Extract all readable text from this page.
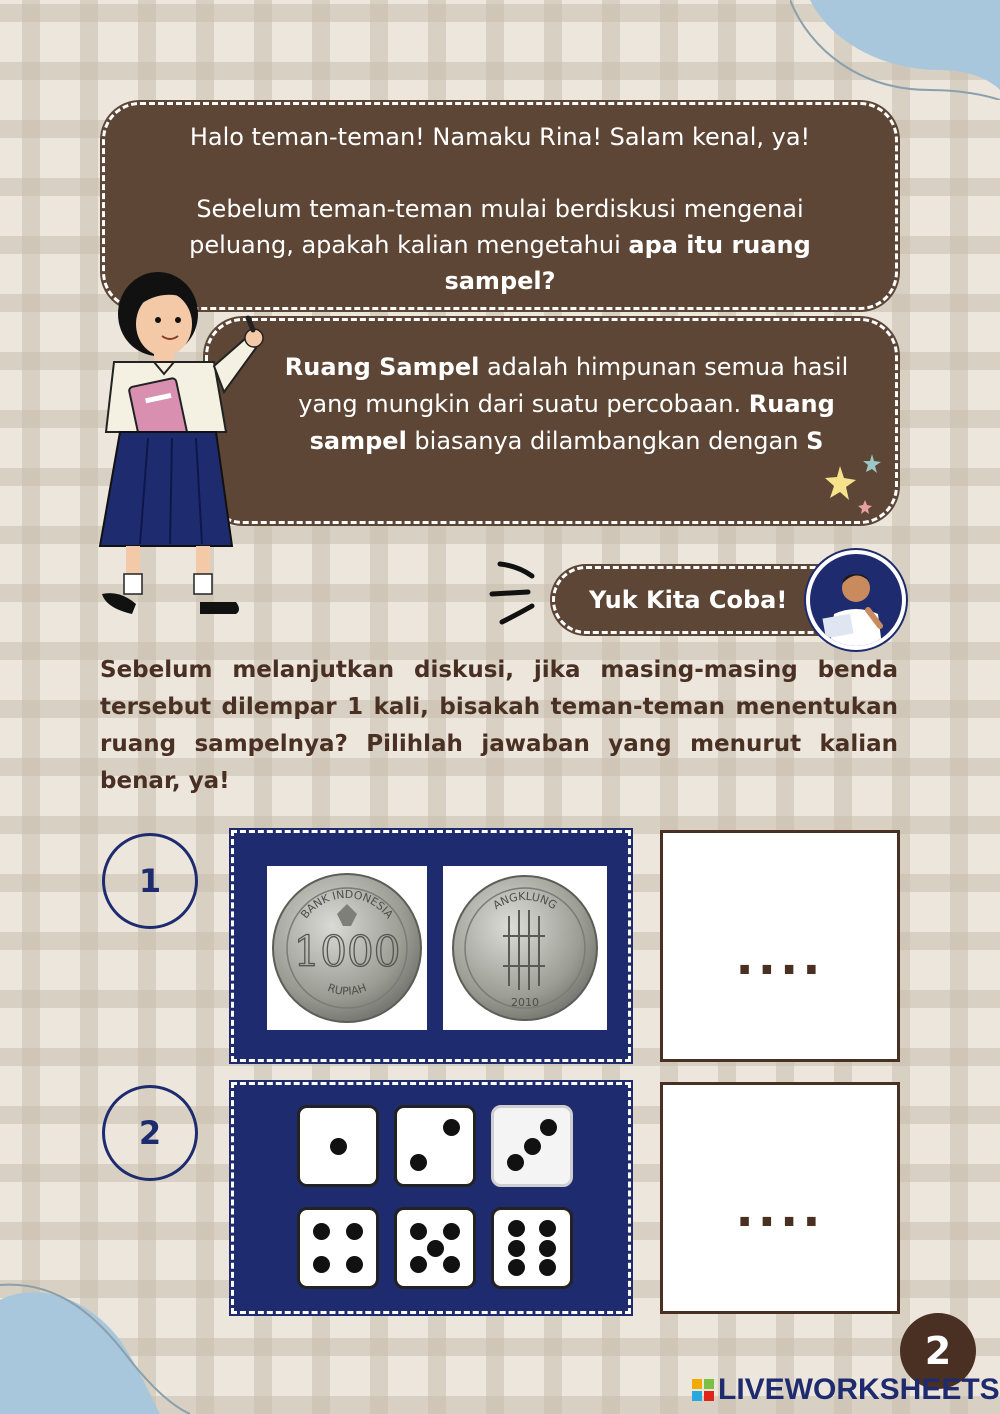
Halo teman-teman! Namaku Rina! Salam kenal, ya!

Sebelum teman-teman mulai berdiskusi mengenai peluang, apakah kalian mengetahui apa itu ruang sampel?

Ruang Sampel adalah himpunan semua hasil yang mungkin dari suatu percobaan. Ruang sampel biasanya dilambangkan dengan S
Yuk Kita Coba!

Sebelum melanjutkan diskusi, jika masing-masing benda tersebut dilempar 1 kali, bisakah teman-teman menentukan ruang sampelnya? Pilihlah jawaban yang menurut kalian benar, ya!

1
BANK INDONESIA
1000
RUPIAH
ANGKLUNG
2010
....
2
....
2
LIVEWORKSHEETS
